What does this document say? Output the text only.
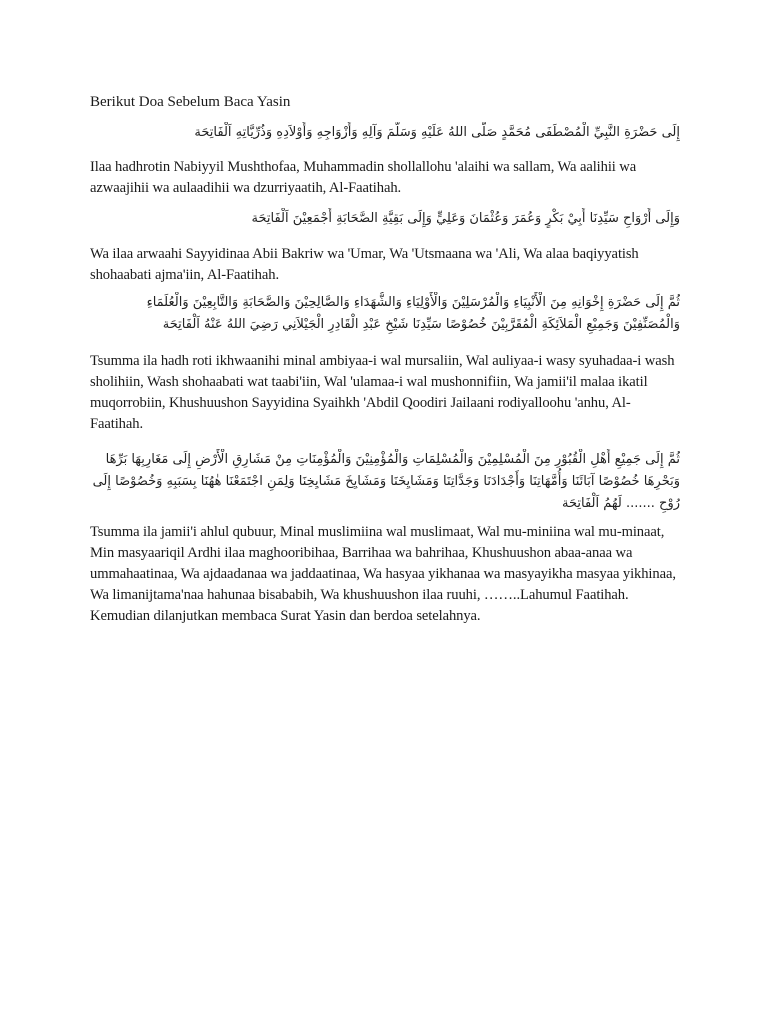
Berikut Doa Sebelum Baca Yasin
إِلَى حَضْرَةِ النَّبِيِّ الْمُصْطَفَى مُحَمَّدٍ صَلَّى اللهُ عَلَيْهِ وَسَلَّمَ وَآلِهِ وَأَزْوَاجِهِ وَأَوْلاَدِهِ وَذُرِّيَّاتِهِ اَلْفَاتِحَة
Ilaa hadhrotin Nabiyyil Mushthofaa, Muhammadin shollallohu 'alaihi wa sallam, Wa aalihii wa azwaajihii wa aulaadihii wa dzurriyaatih, Al-Faatihah.
وَإِلَى أَرْوَاحِ سَيِّدِنَا أَبِيْ بَكْرٍ وَعُمَرَ وَعُثْمَانَ وَعَلِيٍّ وَإِلَى بَقِيَّةِ الصَّحَابَةِ أَجْمَعِيْنَ اَلْفَاتِحَة
Wa ilaa arwaahi Sayyidinaa Abii Bakriw wa 'Umar, Wa 'Utsmaana wa 'Ali, Wa alaa baqiyyatish shohaabati ajma'iin, Al-Faatihah.
ثُمَّ إِلَى حَضْرَةِ إِخْوَانِهِ مِنَ الْأَنْبِيَاءِ وَالْمُرْسَلِيْنَ وَالْأَوْلِيَاءِ وَالشُّهَدَاءِ وَالصَّالِحِيْنَ وَالصَّحَابَةِ وَالتَّابِعِيْنَ وَالْعُلَمَاءِ وَالْمُصَنِّفِيْنَ وَجَمِيْعِ الْمَلاَئِكَةِ الْمُقَرَّبِيْنَ خُصُوْصًا سَيِّدِنَا شَيْخِ عَبْدِ الْقَادِرِ الْجَيْلاَنِي رَضِيَ اللهُ عَنْهُ اَلْفَاتِحَة
Tsumma ila hadh roti ikhwaanihi minal ambiyaa-i wal mursaliin, Wal auliyaa-i wasy syuhadaa-i wash sholihiin, Wash shohaabati wat taabi'iin, Wal 'ulamaa-i wal mushonnifiin, Wa jamii'il malaa ikatil muqorrobiin, Khushuushon Sayyidina Syaihkh 'Abdil Qoodiri Jailaani rodiyalloohu 'anhu, Al-Faatihah.
ثُمَّ إِلَى جَمِيْعِ أَهْلِ الْقُبُوْرِ مِنَ الْمُسْلِمِيْنَ وَالْمُسْلِمَاتِ وَالْمُؤْمِنِيْنَ وَالْمُؤْمِنَاتِ مِنْ مَشَارِقِ الْأَرْضِ إِلَى مَغَارِبِهَا بَرِّهَا وَبَحْرِهَا خُصُوْصًا آبَائَنَا وَأُمَّهَاتِنَا وَأَجْدَادَنَا وَجَدَّاتِنَا وَمَشَايِخَنَا وَمَشَايِخَ مَشَايِخِنَا وَلِمَنِ اجْتَمَعْنَا هٰهُنَا بِسَبَبِهِ وَخُصُوْصًا إِلَى رُوْحِ ....... لَهُمُ اَلْفَاتِحَة
Tsumma ila jamii'i ahlul qubuur, Minal muslimiina wal muslimaat, Wal mu-miniina wal mu-minaat, Min masyaariqil Ardhi ilaa maghooribihaa, Barrihaa wa bahrihaa, Khushuushon abaa-anaa wa ummahaatinaa, Wa ajdaadanaa wa jaddaatinaa, Wa hasyaa yikhanaa wa masyayikha masyaa yikhinaa, Wa limanijtama'naa hahunaa bisababih, Wa khushuushon ilaa ruuhi, ……..Lahumul Faatihah. Kemudian dilanjutkan membaca Surat Yasin dan berdoa setelahnya.
